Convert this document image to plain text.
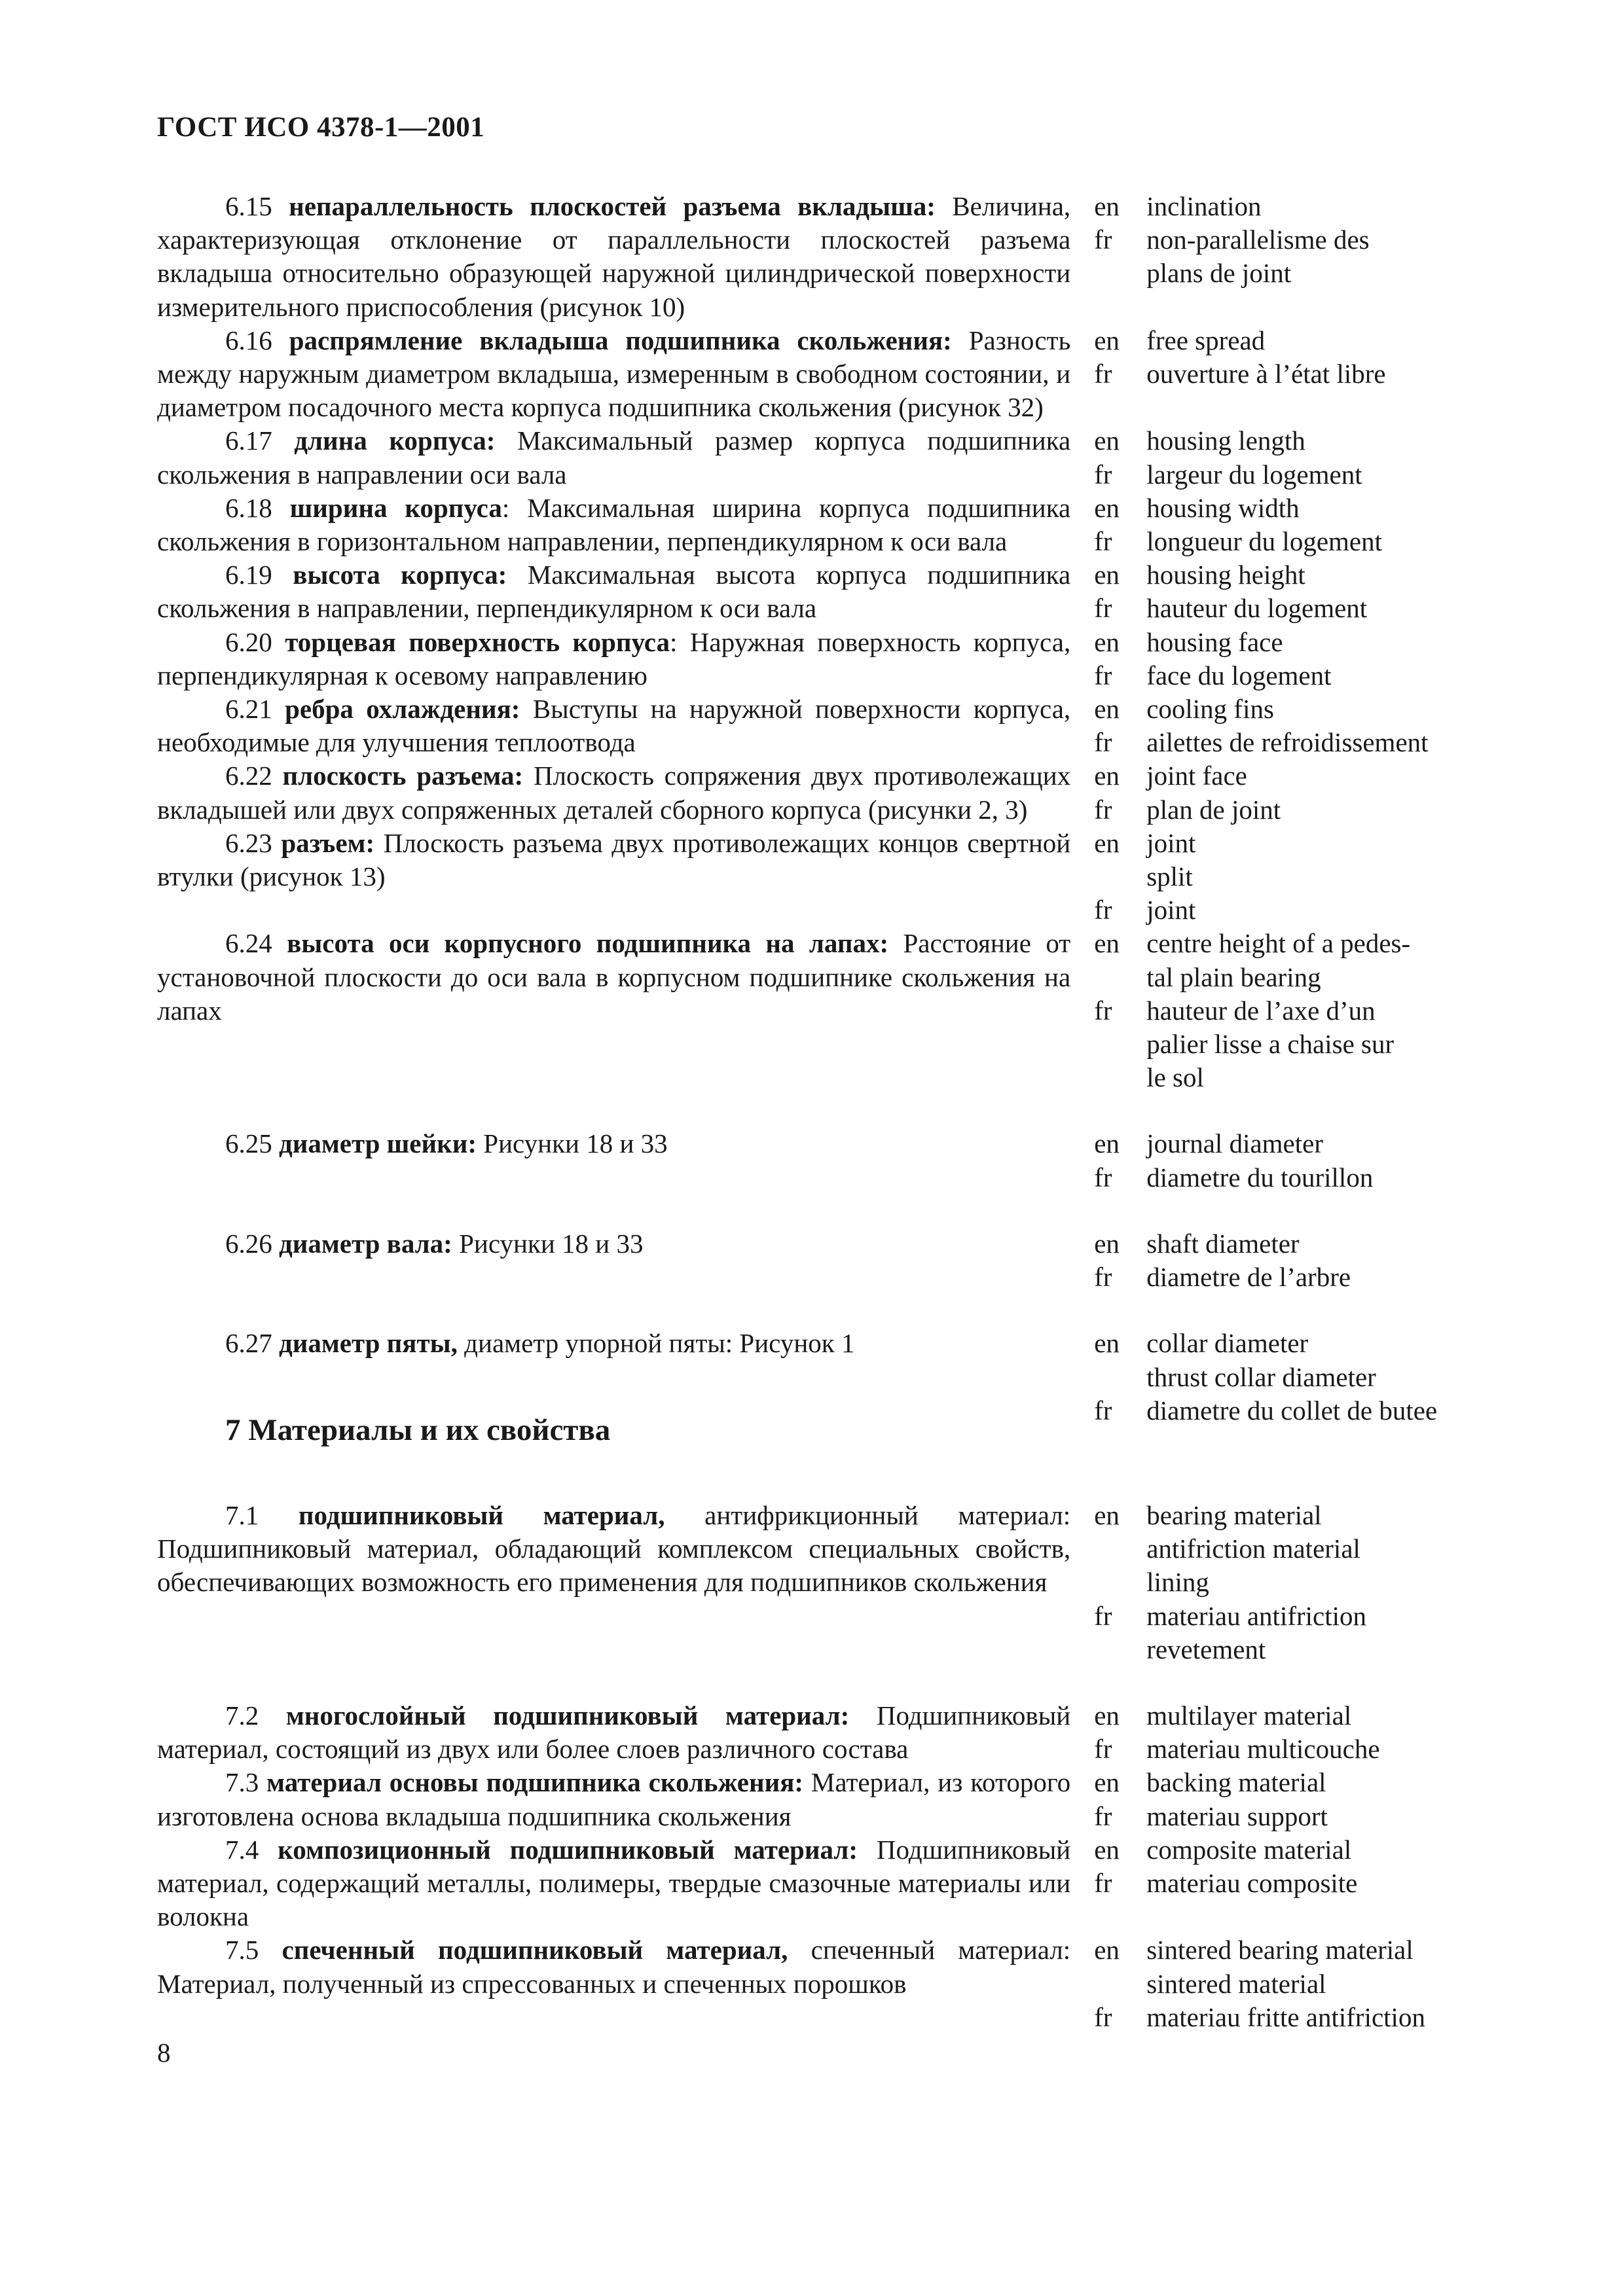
ГОСТ ИСО 4378-1—2001
6.15 непараллельность плоскостей разъема вкладыша: Величина, характеризующая отклонение от параллельности плоскостей разъема вкладыша относительно образующей наружной цилиндрической поверхности измерительного приспособления (рисунок 10)
en	inclination
fr	non-parallelisme des
plans de joint
6.16 распрямление вкладыша подшипника скольжения: Разность между наружным диаметром вкладыша, измеренным в свободном состоянии, и диаметром посадочного места корпуса подшипника скольжения (рисунок 32)
en	free spread
fr	ouverture à l’état libre
6.17 длина корпуса: Максимальный размер корпуса подшипника скольжения в направлении оси вала
en	housing length
fr	largeur du logement
6.18 ширина корпуса: Максимальная ширина корпуса подшипника скольжения в горизонтальном направлении, перпендикулярном к оси вала
en	housing width
fr	longueur du logement
6.19 высота корпуса: Максимальная высота корпуса подшипника скольжения в направлении, перпендикулярном к оси вала
en	housing height
fr	hauteur du logement
6.20 торцевая поверхность корпуса: Наружная поверхность корпуса, перпендикулярная к осевому направлению
en	housing face
fr	face du logement
6.21 ребра охлаждения: Выступы на наружной поверхности корпуса, необходимые для улучшения теплоотвода
en	cooling fins
fr	ailettes de refroidissement
6.22 плоскость разъема: Плоскость сопряжения двух противолежащих вкладышей или двух сопряженных деталей сборного корпуса (рисунки 2, 3)
en	joint face
fr	plan de joint
6.23 разъем: Плоскость разъема двух противолежащих концов свертной втулки (рисунок 13)
en	joint
split
fr	joint
6.24 высота оси корпусного подшипника на лапах: Расстояние от установочной плоскости до оси вала в корпусном подшипнике скольжения на лапах
en	centre height of a pedes-
tal plain bearing
fr	hauteur de l’axe d’un
palier lisse a chaise sur
le sol
6.25 диаметр шейки: Рисунки 18 и 33	en	journal diameter
fr	diametre du tourillon
6.26 диаметр вала: Рисунки 18 и 33	en	shaft diameter
fr	diametre de l’arbre
6.27 диаметр пяты, диаметр упорной пяты: Рисунок 1	en	collar diameter
thrust collar diameter
fr	diametre du collet de butee
7 Материалы и их свойства
7.1 подшипниковый материал, антифрикционный материал: Подшипниковый материал, обладающий комплексом специальных свойств, обеспечивающих возможность его применения для подшипников скольжения
en	bearing material
antifriction material
lining
fr	materiau antifriction
revetement
7.2 многослойный подшипниковый материал: Подшипниковый материал, состоящий из двух или более слоев различного состава
en	multilayer material
fr	materiau multicouche
7.3 материал основы подшипника скольжения: Материал, из которого изготовлена основа вкладыша подшипника скольжения
en	backing material
fr	materiau support
7.4 композиционный подшипниковый материал: Подшипниковый материал, содержащий металлы, полимеры, твердые смазочные материалы или волокна
en	composite material
fr	materiau composite
7.5 спеченный подшипниковый материал, спеченный материал: Материал, полученный из спрессованных и спеченных порошков
en	sintered bearing material
sintered material
fr	materiau fritte antifriction
8
